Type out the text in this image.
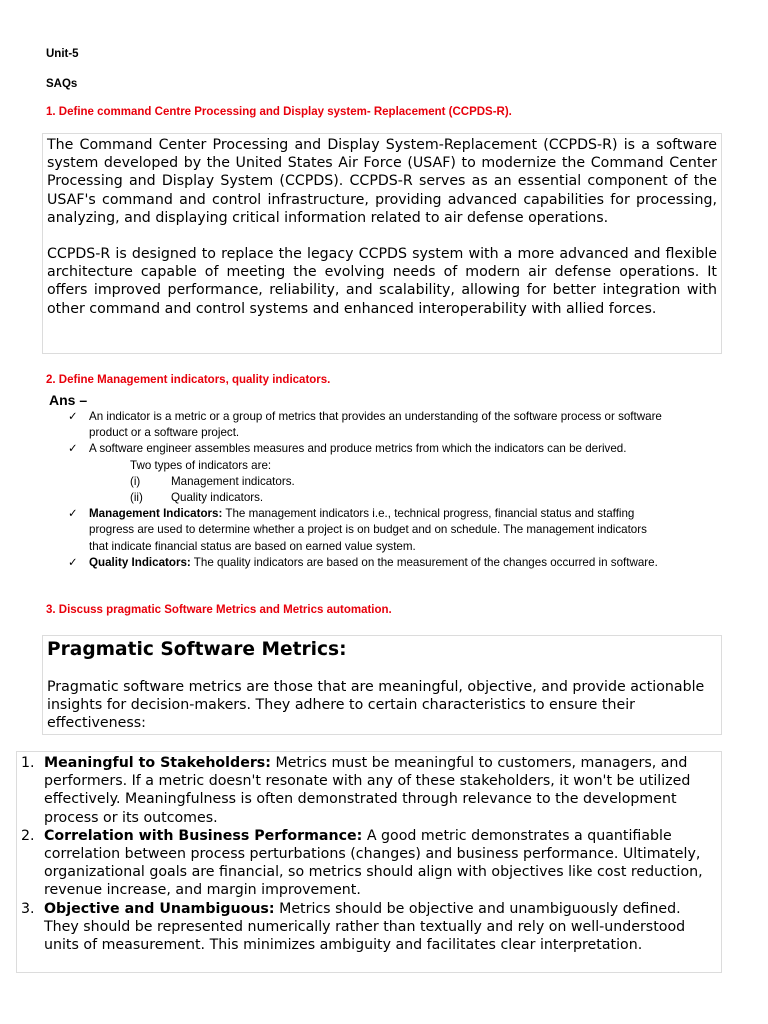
Unit-5
SAQs
1. Define command Centre Processing and Display system- Replacement (CCPDS-R).

The Command Center Processing and Display System-Replacement (CCPDS-R) is a software system developed by the United States Air Force (USAF) to modernize the Command Center Processing and Display System (CCPDS). CCPDS-R serves as an essential component of the USAF's command and control infrastructure, providing advanced capabilities for processing, analyzing, and displaying critical information related to air defense operations.

CCPDS-R is designed to replace the legacy CCPDS system with a more advanced and flexible architecture capable of meeting the evolving needs of modern air defense operations. It offers improved performance, reliability, and scalability, allowing for better integration with other command and control systems and enhanced interoperability with allied forces.

2. Define Management indicators, quality indicators.
Ans –
✓ An indicator is a metric or a group of metrics that provides an understanding of the software process or software product or a software project.
✓ A software engineer assembles measures and produce metrics from which the indicators can be derived.
Two types of indicators are:
(i)	Management indicators.
(ii)	Quality indicators.
✓ Management Indicators: The management indicators i.e., technical progress, financial status and staffing progress are used to determine whether a project is on budget and on schedule. The management indicators that indicate financial status are based on earned value system.
✓ Quality Indicators: The quality indicators are based on the measurement of the changes occurred in software.
3. Discuss pragmatic Software Metrics and Metrics automation.

Pragmatic Software Metrics:

Pragmatic software metrics are those that are meaningful, objective, and provide actionable insights for decision-makers. They adhere to certain characteristics to ensure their effectiveness:

1. Meaningful to Stakeholders: Metrics must be meaningful to customers, managers, and performers. If a metric doesn't resonate with any of these stakeholders, it won't be utilized effectively. Meaningfulness is often demonstrated through relevance to the development process or its outcomes.
2. Correlation with Business Performance: A good metric demonstrates a quantifiable correlation between process perturbations (changes) and business performance. Ultimately, organizational goals are financial, so metrics should align with objectives like cost reduction, revenue increase, and margin improvement.
3. Objective and Unambiguous: Metrics should be objective and unambiguously defined. They should be represented numerically rather than textually and rely on well-understood units of measurement. This minimizes ambiguity and facilitates clear interpretation.
